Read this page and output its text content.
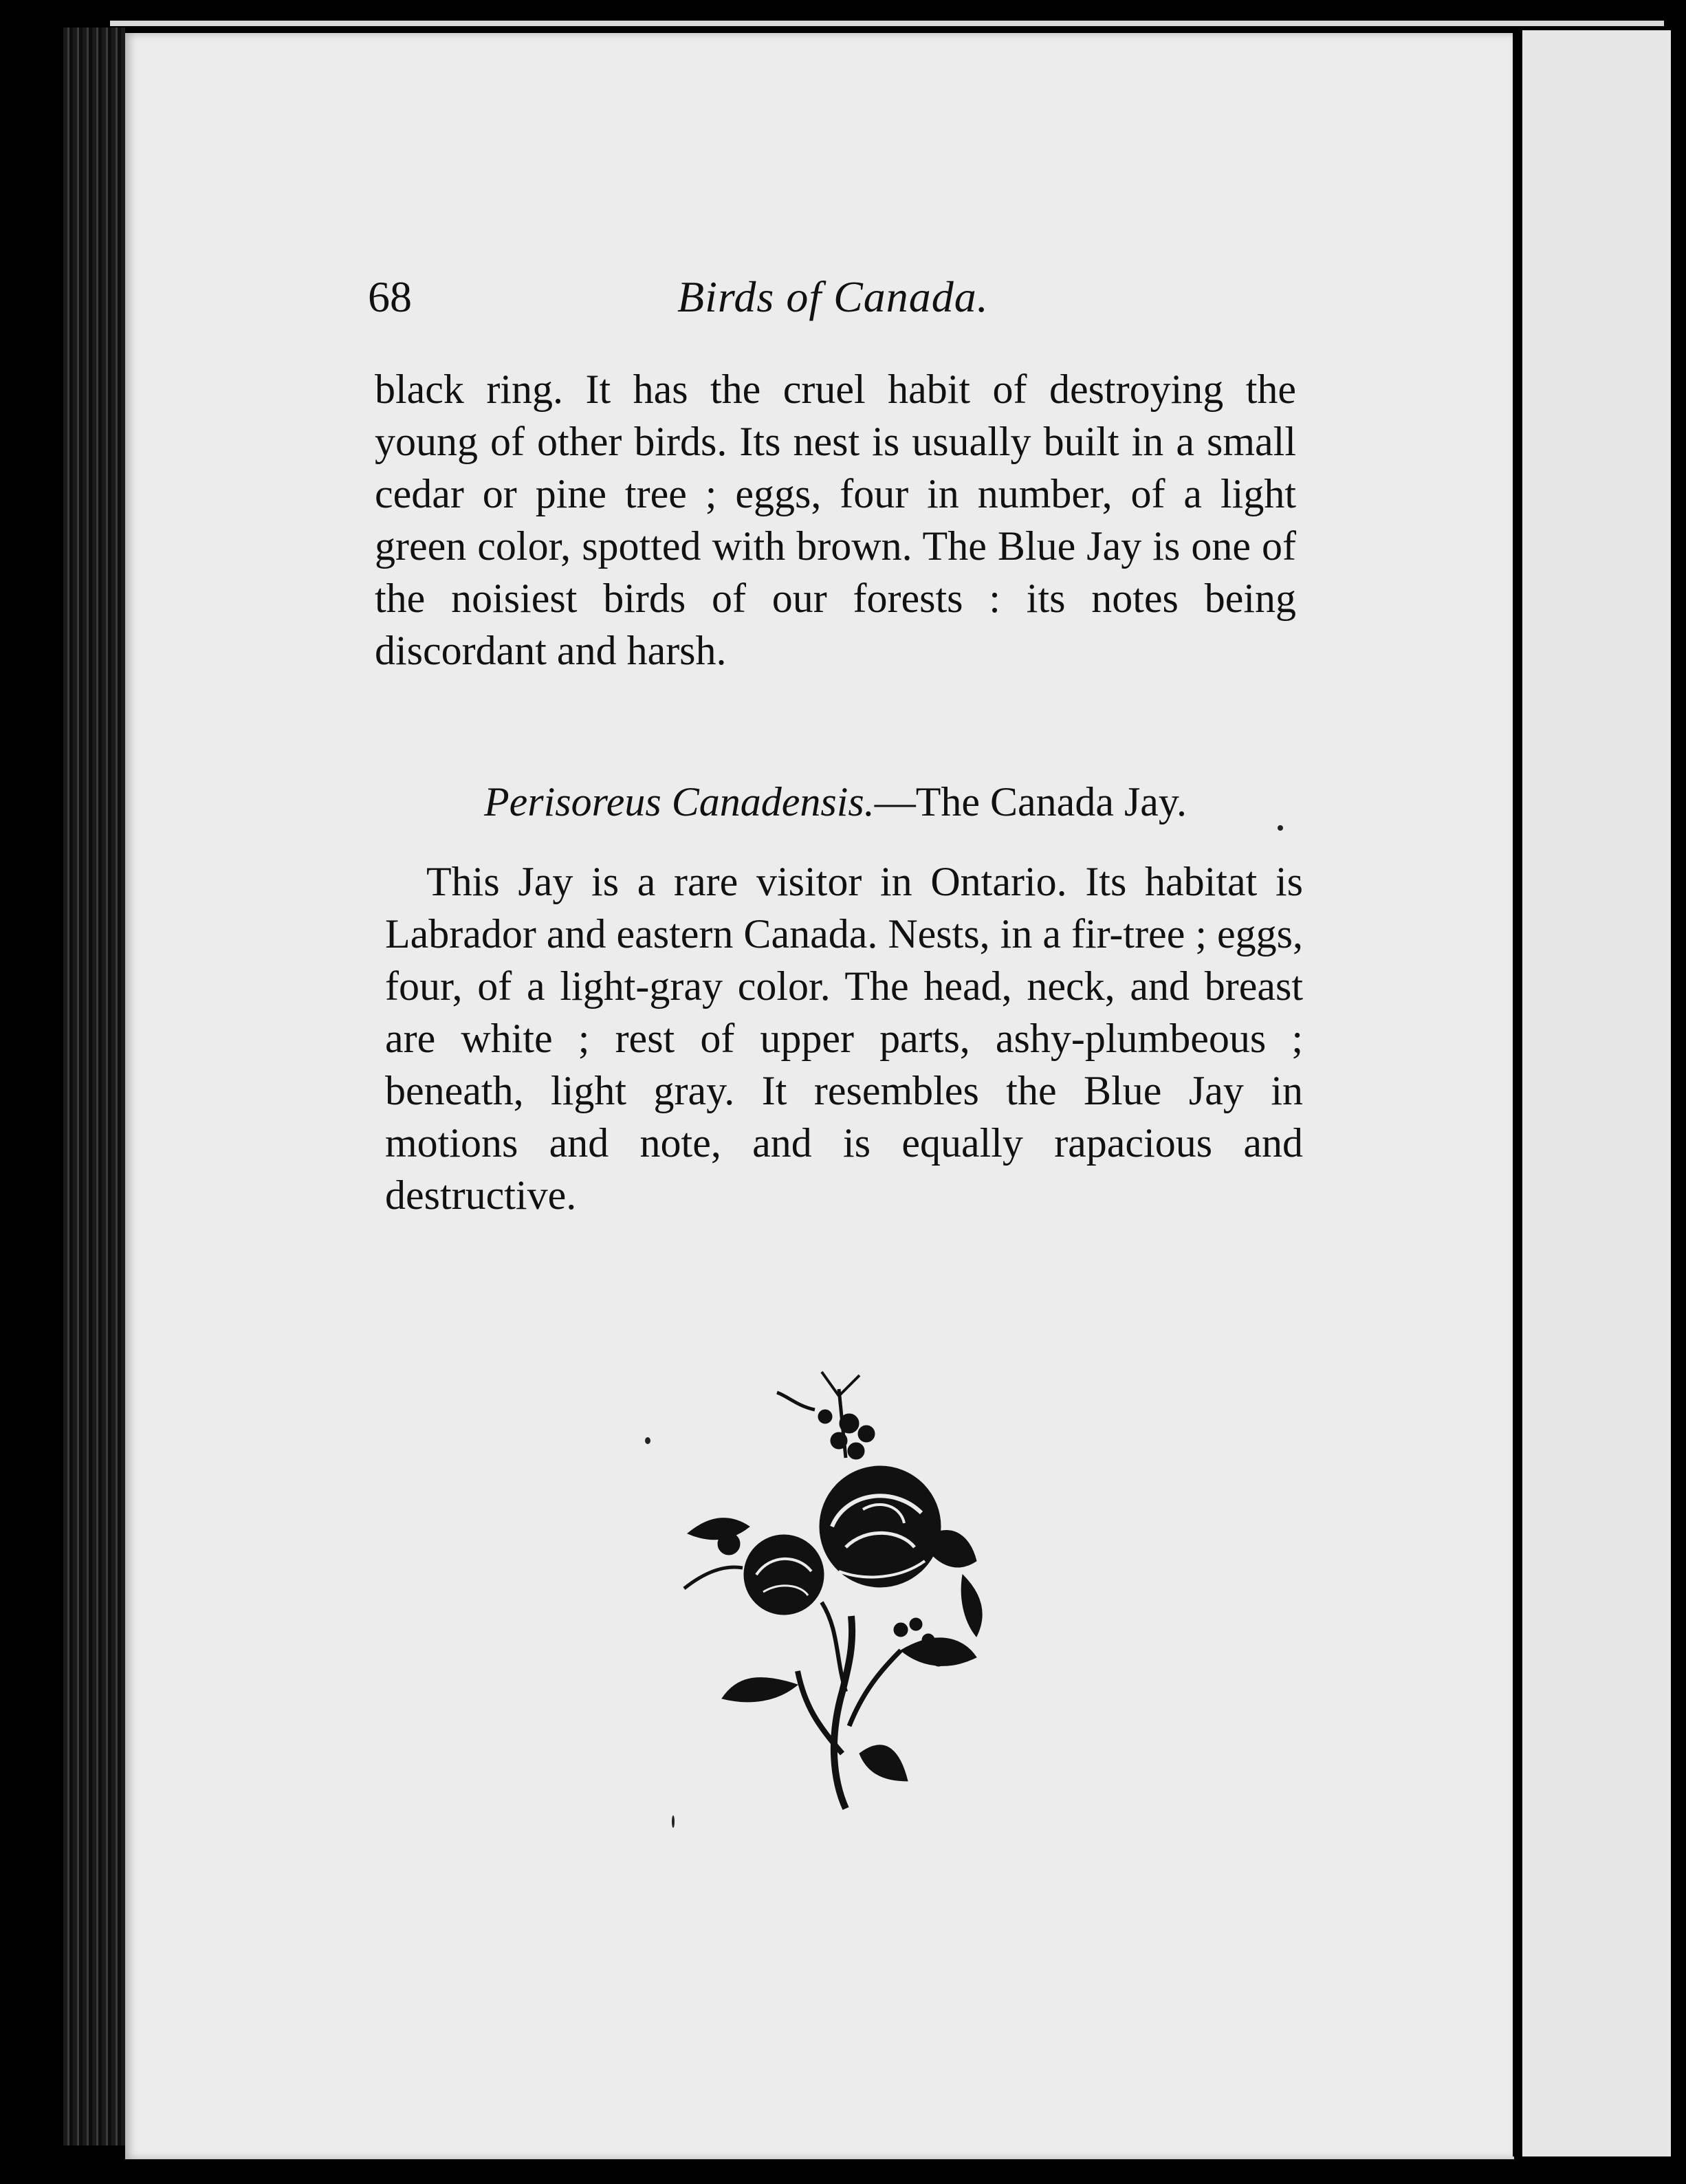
68	Birds of Canada.

black ring. It has the cruel habit of destroying the young of other birds. Its nest is usually built in a small cedar or pine tree ; eggs, four in number, of a light green color, spotted with brown. The Blue Jay is one of the noisiest birds of our forests : its notes being discordant and harsh.

Perisoreus Canadensis.—The Canada Jay.

This Jay is a rare visitor in Ontario. Its habitat is Labrador and eastern Canada. Nests, in a fir-tree ; eggs, four, of a light-gray color. The head, neck, and breast are white ; rest of upper parts, ashy-plumbeous ; beneath, light gray. It resembles the Blue Jay in motions and note, and is equally rapacious and destructive.
